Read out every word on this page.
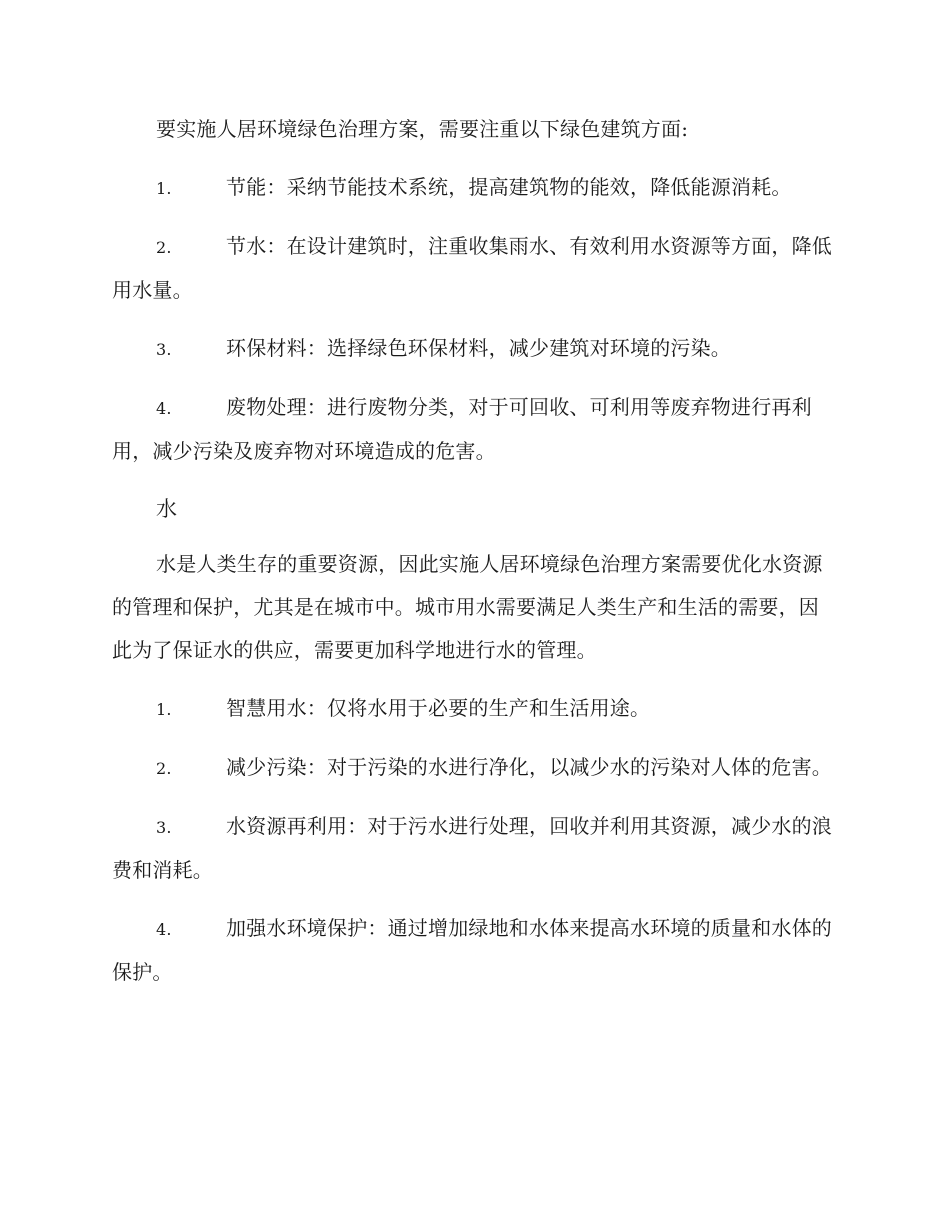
要实施人居环境绿色治理方案，需要注重以下绿色建筑方面:

1.	节能：采纳节能技术系统，提高建筑物的能效，降低能源消耗。

2.	节水：在设计建筑时，注重收集雨水、有效利用水资源等方面，降低用水量。

3.	环保材料：选择绿色环保材料，减少建筑对环境的污染。

4.	废物处理：进行废物分类，对于可回收、可利用等废弃物进行再利用，减少污染及废弃物对环境造成的危害。

水

水是人类生存的重要资源，因此实施人居环境绿色治理方案需要优化水资源的管理和保护，尤其是在城市中。城市用水需要满足人类生产和生活的需要，因此为了保证水的供应，需要更加科学地进行水的管理。

1.	智慧用水：仅将水用于必要的生产和生活用途。

2.	减少污染：对于污染的水进行净化，以减少水的污染对人体的危害。

3.	水资源再利用：对于污水进行处理，回收并利用其资源，减少水的浪费和消耗。

4.	加强水环境保护：通过增加绿地和水体来提高水环境的质量和水体的保护。
